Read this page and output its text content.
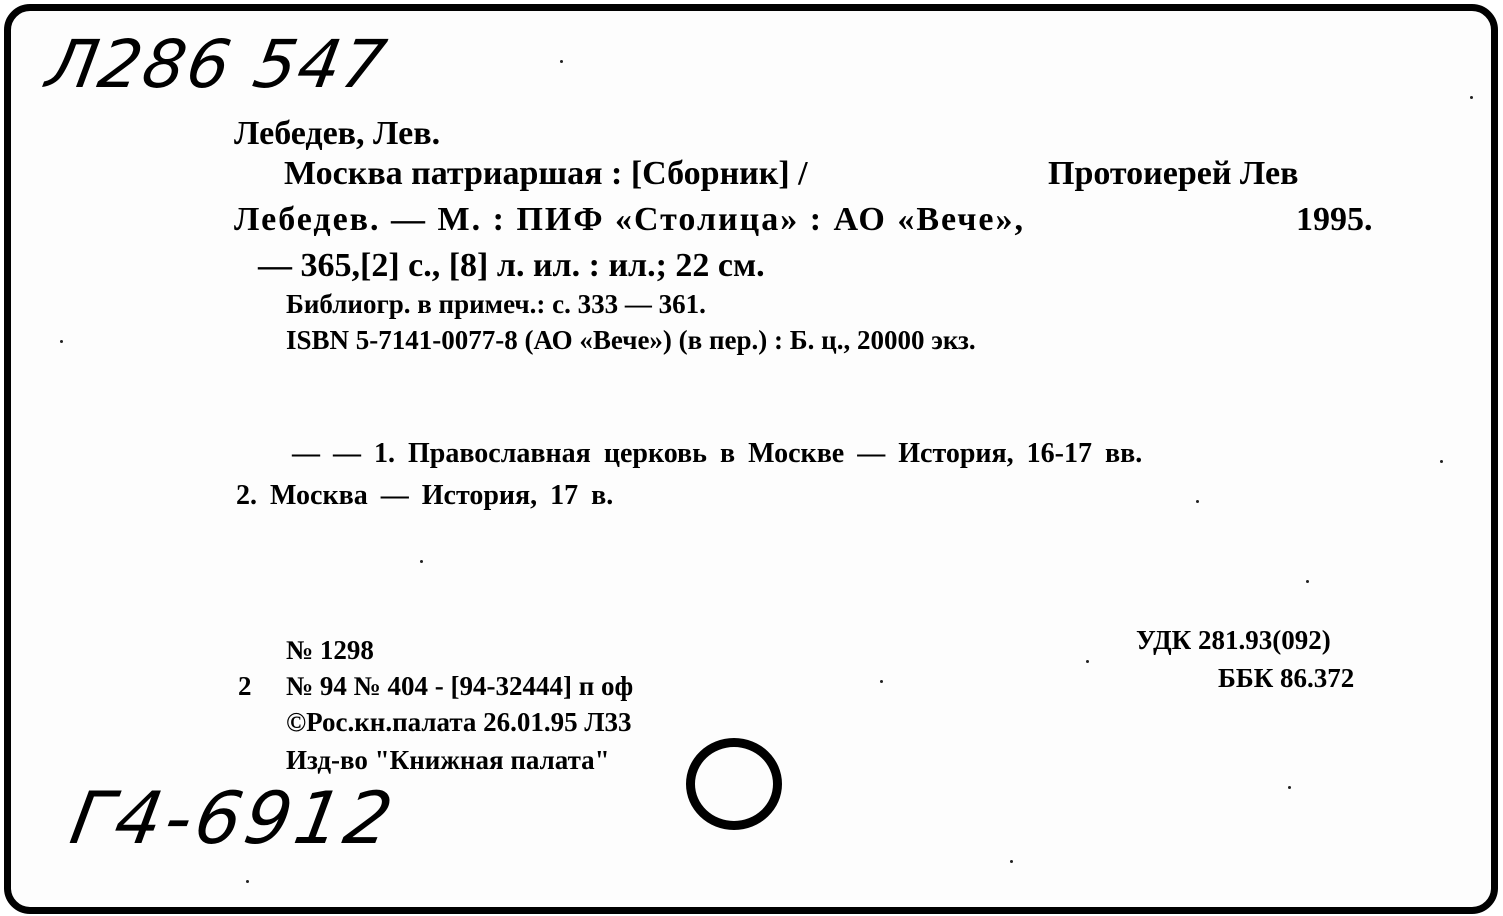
Л286 547
Лебедев, Лев.
Москва патриаршая : [Сборник] /	Протоиерей Лев
Лебедев. — М. : ПИФ «Столица» : АО «Вече»,	1995.
— 365,[2] с., [8] л. ил. : ил.; 22 см.
Библиогр. в примеч.: с. 333 — 361.
ISBN 5-7141-0077-8 (АО «Вече») (в пер.) : Б. ц., 20000 экз.
— — 1. Православная церковь в Москве — История, 16-17 вв.
2. Москва — История, 17 в.
№ 1298
2 № 94 № 404 - [94-32444] п оф
©Рос.кн.палата 26.01.95 Л33
Изд-во "Книжная палата"
УДК 281.93(092)
ББК 86.372
Г4-6912
